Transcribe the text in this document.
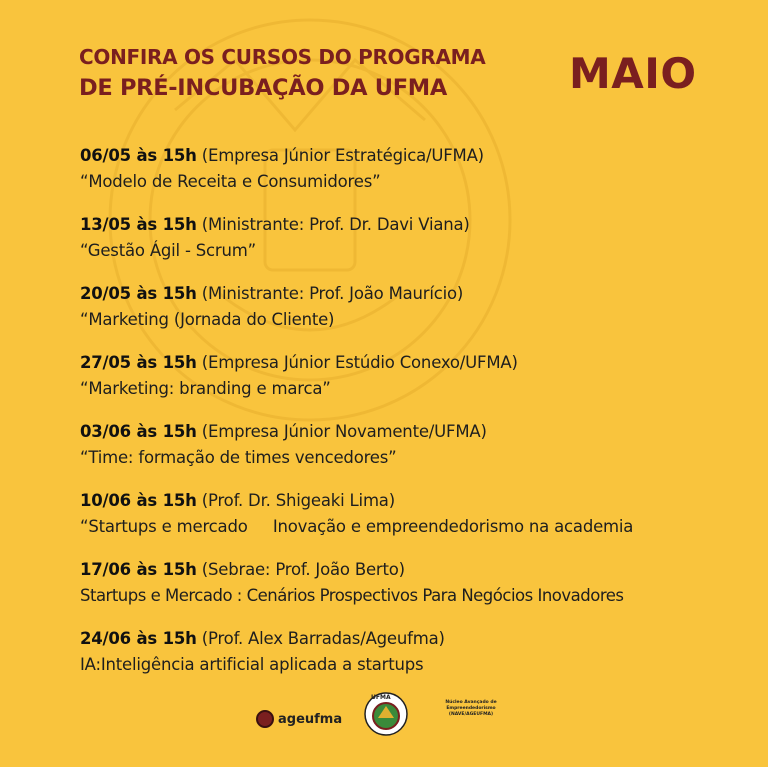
CONFIRA OS CURSOS DO PROGRAMA
DE PRÉ-INCUBAÇÃO DA UFMA	MAIO
06/05 às 15h (Empresa Júnior Estratégica/UFMA)
“Modelo de Receita e Consumidores”
13/05 às 15h (Ministrante: Prof. Dr. Davi Viana)
“Gestão Ágil - Scrum”
20/05 às 15h (Ministrante: Prof. João Maurício)
“Marketing (Jornada do Cliente)
27/05 às 15h (Empresa Júnior Estúdio Conexo/UFMA)
“Marketing: branding e marca”
03/06 às 15h (Empresa Júnior Novamente/UFMA)
“Time: formação de times vencedores”
10/06 às 15h (Prof. Dr. Shigeaki Lima)
“Startups e mercado     Inovação e empreendedorismo na academia
17/06 às 15h (Sebrae: Prof. João Berto)
Startups e Mercado : Cenários Prospectivos Para Negócios Inovadores
24/06 às 15h (Prof. Alex Barradas/Ageufma)
IA:Inteligência artificial aplicada a startups
ageufma
UFMA
Núcleo Avançado de Empreendedorismo (NAVE/AGEUFMA)
